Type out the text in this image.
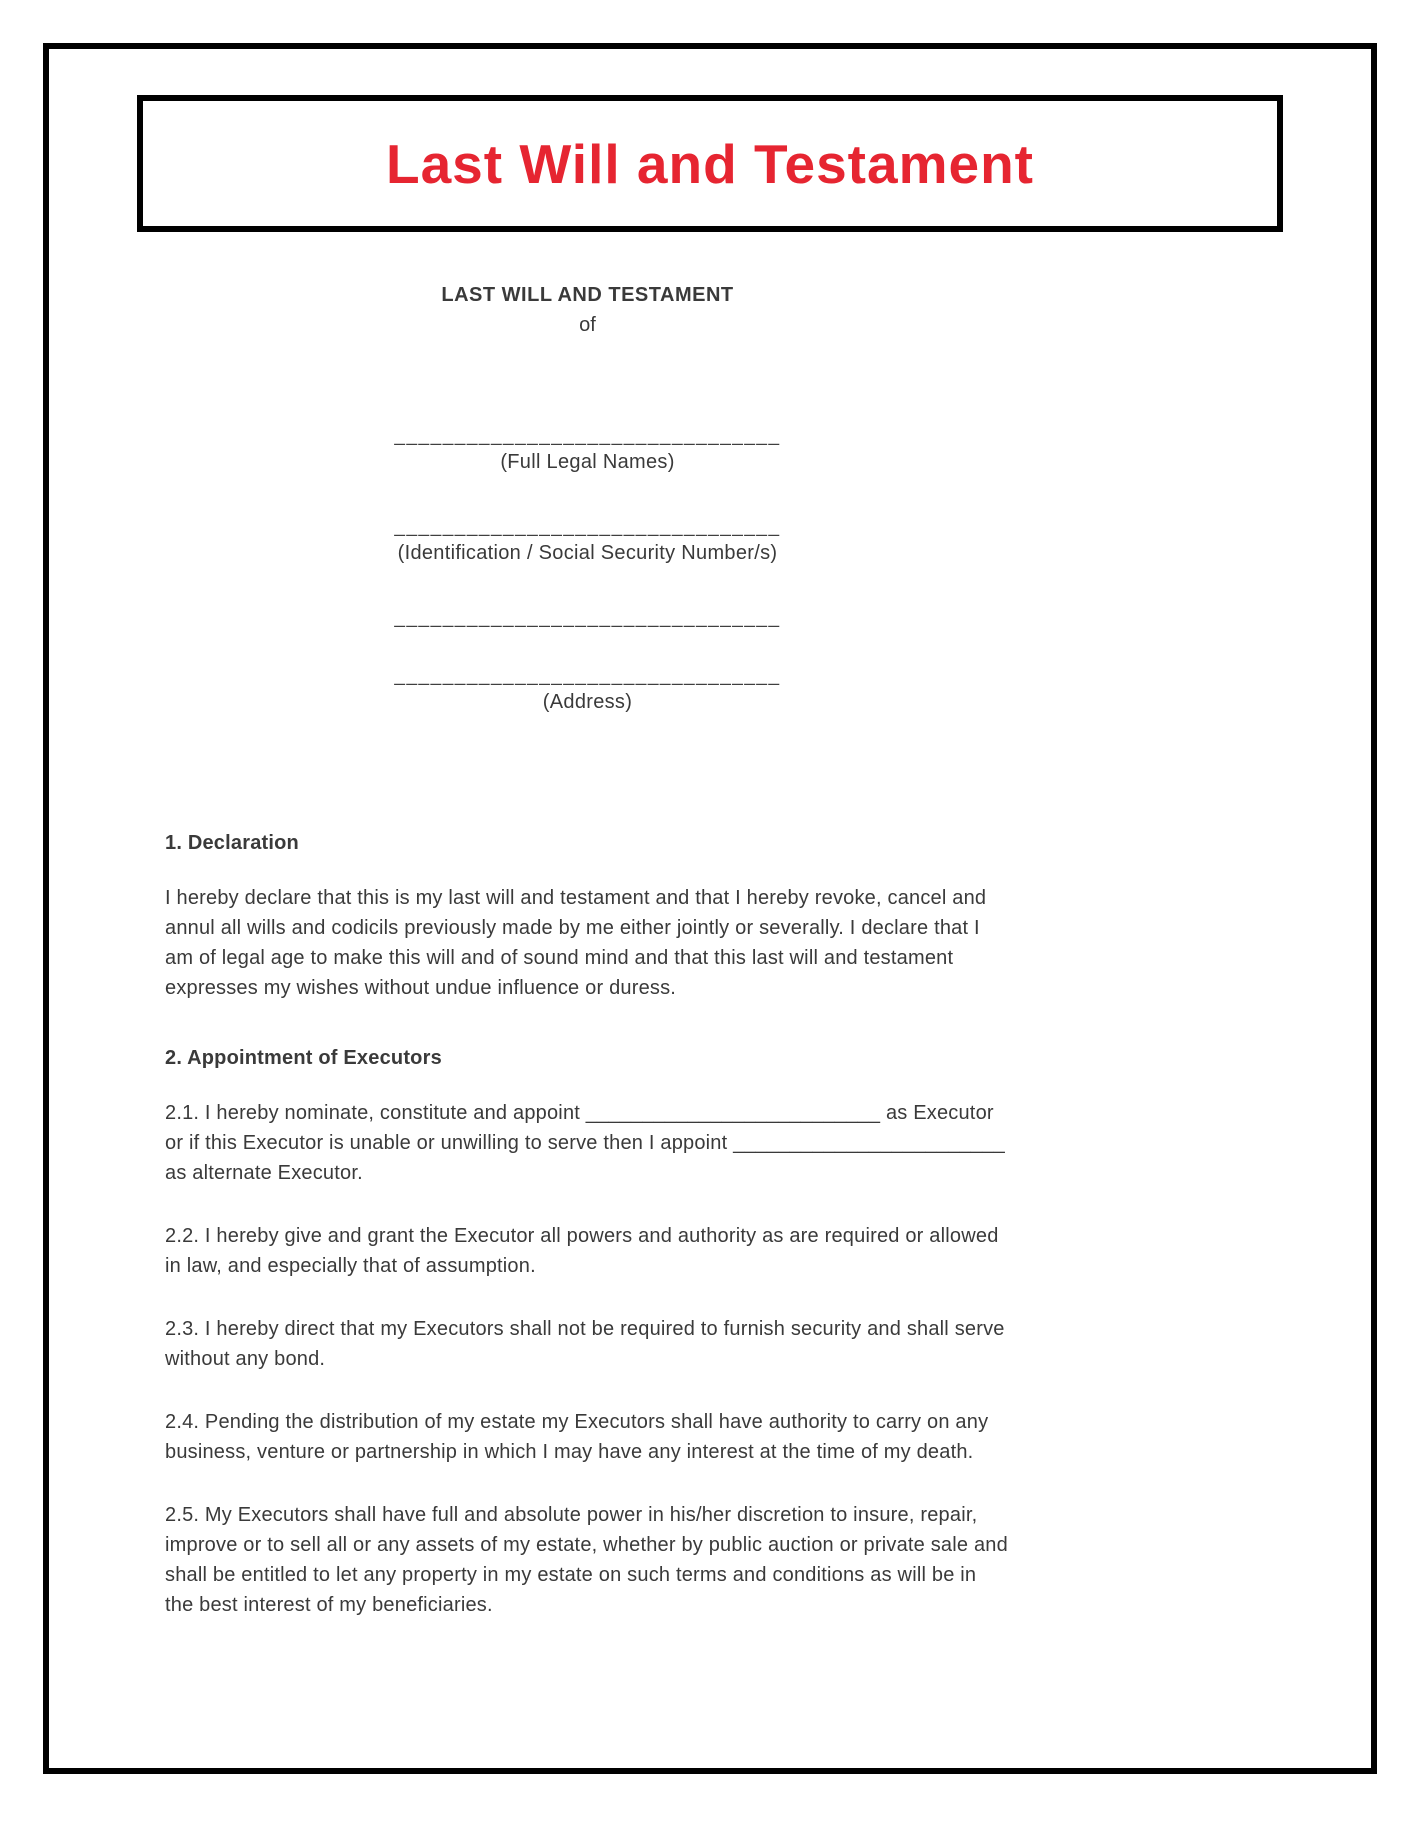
Last Will and Testament
LAST WILL AND TESTAMENT
of
________________________________
(Full Legal Names)
________________________________
(Identification / Social Security Number/s)
________________________________
________________________________
(Address)
1. Declaration
I hereby declare that this is my last will and testament and that I hereby revoke, cancel and annul all wills and codicils previously made by me either jointly or severally. I declare that I am of legal age to make this will and of sound mind and that this last will and testament expresses my wishes without undue influence or duress.
2. Appointment of Executors
2.1. I hereby nominate, constitute and appoint __________________________ as Executor or if this Executor is unable or unwilling to serve then I appoint ________________________ as alternate Executor.
2.2. I hereby give and grant the Executor all powers and authority as are required or allowed in law, and especially that of assumption.
2.3. I hereby direct that my Executors shall not be required to furnish security and shall serve without any bond.
2.4. Pending the distribution of my estate my Executors shall have authority to carry on any business, venture or partnership in which I may have any interest at the time of my death.
2.5. My Executors shall have full and absolute power in his/her discretion to insure, repair, improve or to sell all or any assets of my estate, whether by public auction or private sale and shall be entitled to let any property in my estate on such terms and conditions as will be in the best interest of my beneficiaries.
